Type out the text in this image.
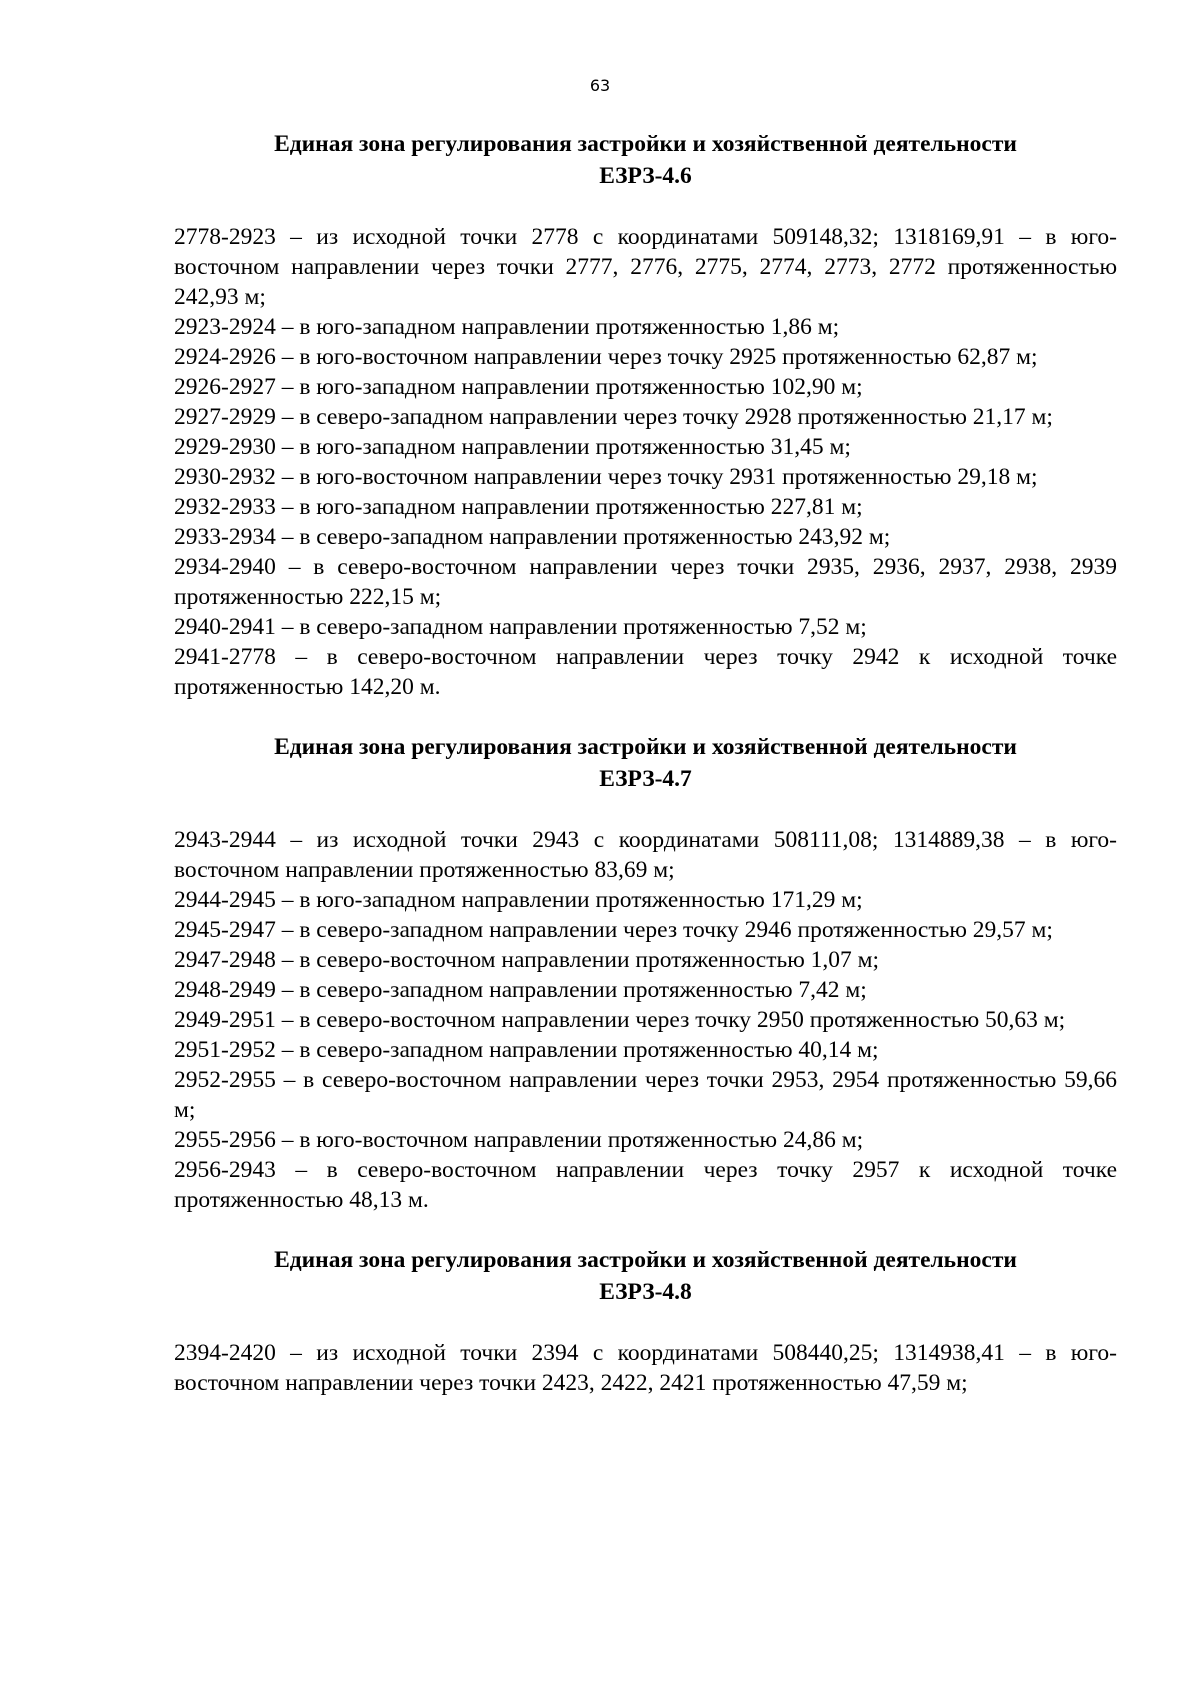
63
Единая зона регулирования застройки и хозяйственной деятельности
ЕЗРЗ-4.6

2778-2923 – из исходной точки 2778 с координатами 509148,32; 1318169,91 – в юго-восточном направлении через точки 2777, 2776, 2775, 2774, 2773, 2772 протяженностью 242,93 м;

2923-2924 – в юго-западном направлении протяженностью 1,86 м;

2924-2926 – в юго-восточном направлении через точку 2925 протяженностью 62,87 м;

2926-2927 – в юго-западном направлении протяженностью 102,90 м;

2927-2929 – в северо-западном направлении через точку 2928 протяженностью 21,17 м;

2929-2930 – в юго-западном направлении протяженностью 31,45 м;

2930-2932 – в юго-восточном направлении через точку 2931 протяженностью 29,18 м;

2932-2933 – в юго-западном направлении протяженностью 227,81 м;

2933-2934 – в северо-западном направлении протяженностью 243,92 м;

2934-2940 – в северо-восточном направлении через точки 2935, 2936, 2937, 2938, 2939 протяженностью 222,15 м;

2940-2941 – в северо-западном направлении протяженностью 7,52 м;

2941-2778 – в северо-восточном направлении через точку 2942 к исходной точке протяженностью 142,20 м.

Единая зона регулирования застройки и хозяйственной деятельности
ЕЗРЗ-4.7

2943-2944 – из исходной точки 2943 с координатами 508111,08; 1314889,38 – в юго-восточном направлении протяженностью 83,69 м;

2944-2945 – в юго-западном направлении протяженностью 171,29 м;

2945-2947 – в северо-западном направлении через точку 2946 протяженностью 29,57 м;

2947-2948 – в северо-восточном направлении протяженностью 1,07 м;

2948-2949 – в северо-западном направлении протяженностью 7,42 м;

2949-2951 – в северо-восточном направлении через точку 2950 протяженностью 50,63 м;

2951-2952 – в северо-западном направлении протяженностью 40,14 м;

2952-2955 – в северо-восточном направлении через точки 2953, 2954 протяженностью 59,66 м;

2955-2956 – в юго-восточном направлении протяженностью 24,86 м;

2956-2943 – в северо-восточном направлении через точку 2957 к исходной точке протяженностью 48,13 м.

Единая зона регулирования застройки и хозяйственной деятельности
ЕЗРЗ-4.8

2394-2420 – из исходной точки 2394 с координатами 508440,25; 1314938,41 – в юго-восточном направлении через точки 2423, 2422, 2421 протяженностью 47,59 м;
